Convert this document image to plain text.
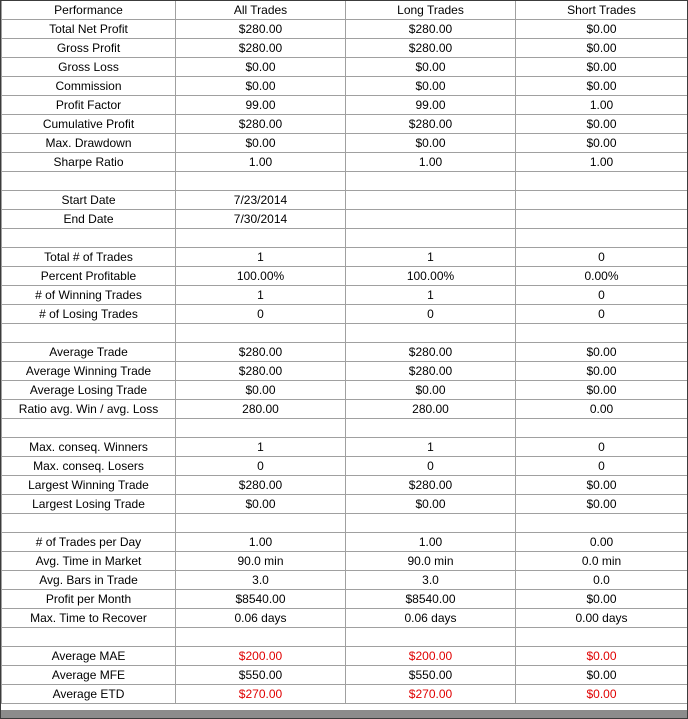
Performance	All Trades	Long Trades	Short Trades
Total Net Profit	$280.00	$280.00	$0.00
Gross Profit	$280.00	$280.00	$0.00
Gross Loss	$0.00	$0.00	$0.00
Commission	$0.00	$0.00	$0.00
Profit Factor	99.00	99.00	1.00
Cumulative Profit	$280.00	$280.00	$0.00
Max. Drawdown	$0.00	$0.00	$0.00
Sharpe Ratio	1.00	1.00	1.00

Start Date	7/23/2014		
End Date	7/30/2014		

Total # of Trades	1	1	0
Percent Profitable	100.00%	100.00%	0.00%
# of Winning Trades	1	1	0
# of Losing Trades	0	0	0

Average Trade	$280.00	$280.00	$0.00
Average Winning Trade	$280.00	$280.00	$0.00
Average Losing Trade	$0.00	$0.00	$0.00
Ratio avg. Win / avg. Loss	280.00	280.00	0.00

Max. conseq. Winners	1	1	0
Max. conseq. Losers	0	0	0
Largest Winning Trade	$280.00	$280.00	$0.00
Largest Losing Trade	$0.00	$0.00	$0.00

# of Trades per Day	1.00	1.00	0.00
Avg. Time in Market	90.0 min	90.0 min	0.0 min
Avg. Bars in Trade	3.0	3.0	0.0
Profit per Month	$8540.00	$8540.00	$0.00
Max. Time to Recover	0.06 days	0.06 days	0.00 days

Average MAE	$200.00	$200.00	$0.00
Average MFE	$550.00	$550.00	$0.00
Average ETD	$270.00	$270.00	$0.00
